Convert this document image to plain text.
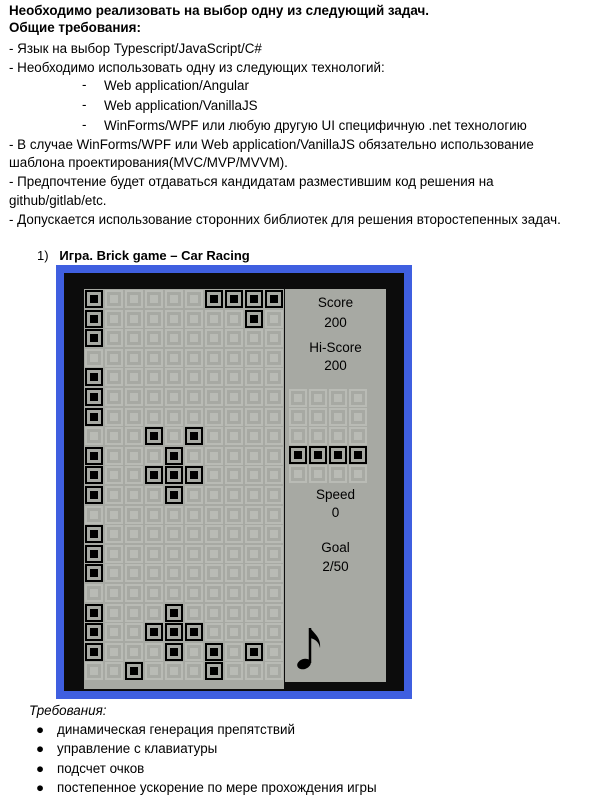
Необходимо реализовать на выбор одну из следующий задач.
Общие требования:
- Язык на выбор Typescript/JavaScript/C#
- Необходимо использовать одну из следующих технологий:
- Web application/Angular
- Web application/VanillaJS
- WinForms/WPF или любую другую UI специфичную .net технологию
- В случае WinForms/WPF или Web application/VanillaJS обязательно использование
шаблона проектирования(MVC/MVP/MVVM).
- Предпочтение будет отдаваться кандидатам разместившим код решения на
github/gitlab/etc.
- Допускается использование сторонних библиотек для решения второстепенных задач.
1) Игра. Brick game – Car Racing
Score
200
Hi-Score
200
Speed
0
Goal
2/50
Требования:
● динамическая генерация препятствий
● управление с клавиатуры
● подсчет очков
● постепенное ускорение по мере прохождения игры
